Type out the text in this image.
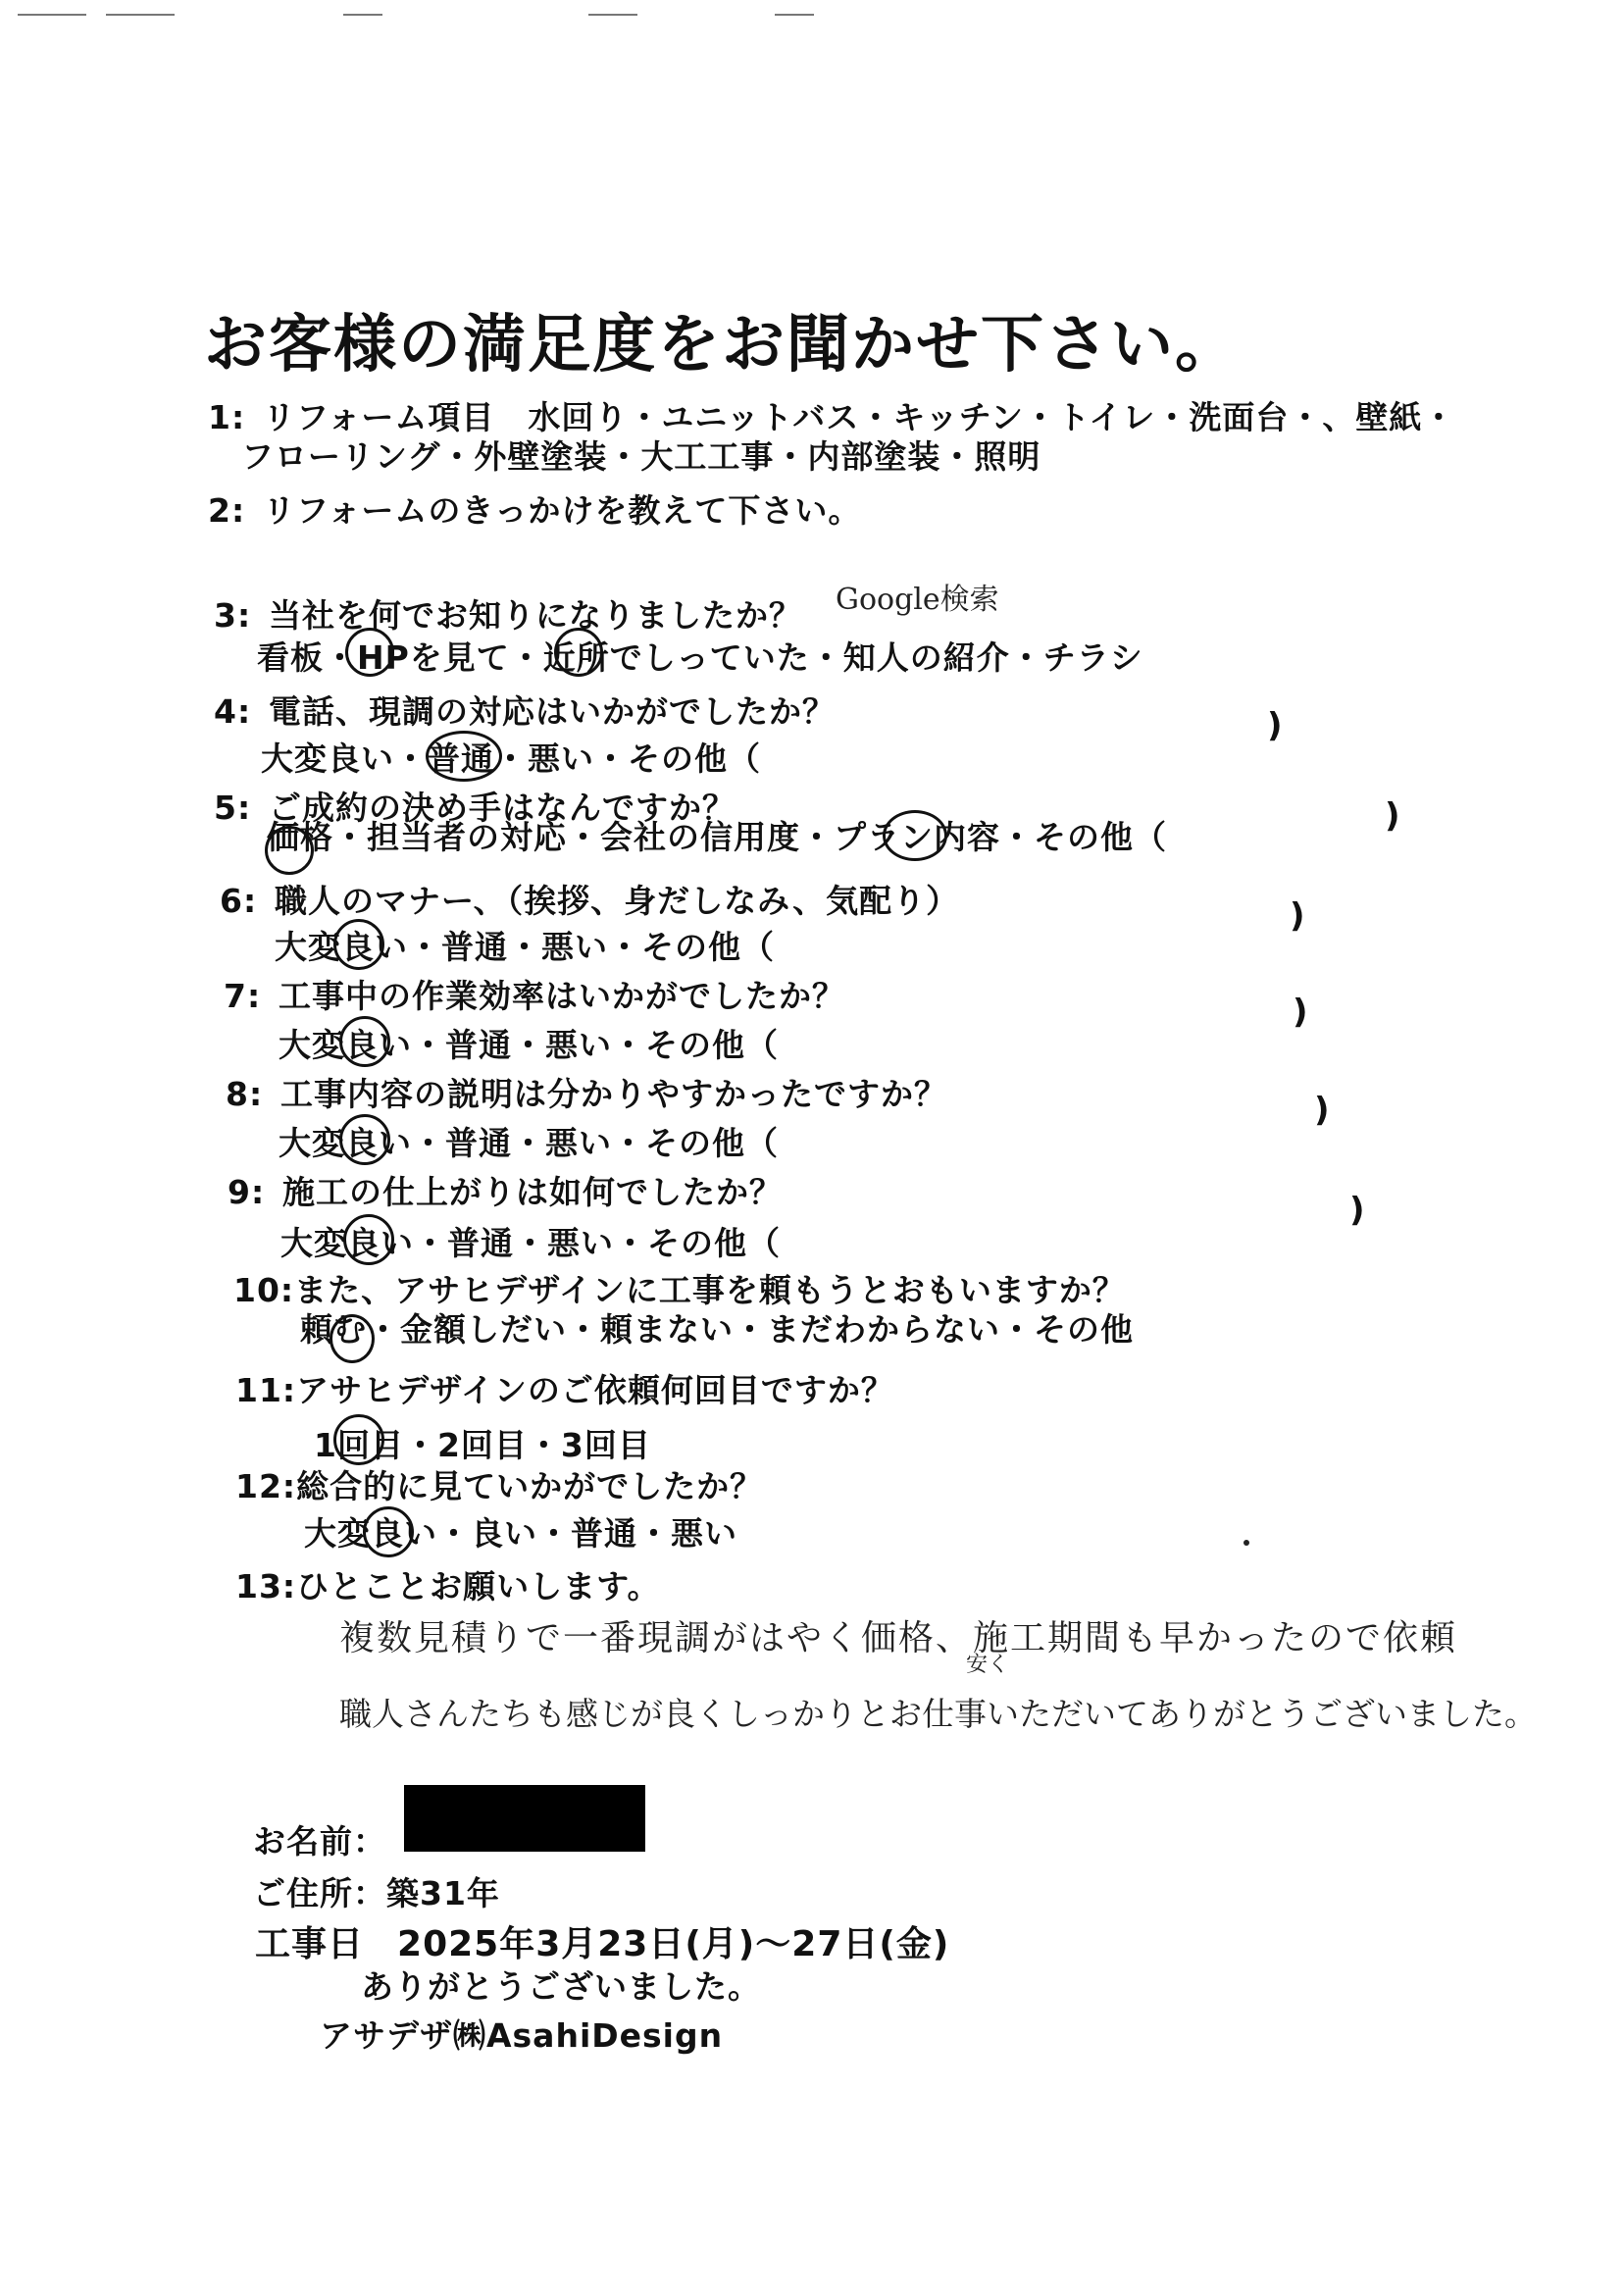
お客様の満足度をお聞かせ下さい。
1: リフォーム項目　水回り・ユニットバス・キッチン・トイレ・洗面台・、壁紙・
フローリング・外壁塗装・大工工事・内部塗装・照明
2: リフォームのきっかけを教えて下さい。
3: 当社を何でお知りになりましたか？ Google検索
看板・HPを見て・近所でしっていた・知人の紹介・チラシ
4: 電話、現調の対応はいかがでしたか？
大変良い・普通・悪い・その他（
)
5: ご成約の決め手はなんですか？
価格・担当者の対応・会社の信用度・プラン内容・その他（
)
6: 職人のマナー、（挨拶、身だしなみ、気配り）
大変良い・普通・悪い・その他（
)
7: 工事中の作業効率はいかがでしたか？
大変良い・普通・悪い・その他（
)
8: 工事内容の説明は分かりやすかったですか？
大変良い・普通・悪い・その他（
)
9: 施工の仕上がりは如何でしたか？
大変良い・普通・悪い・その他（
)
10:また、アサヒデザインに工事を頼もうとおもいますか？
頼む・金額しだい・頼まない・まだわからない・その他
11:アサヒデザインのご依頼何回目ですか？
1回目・2回目・3回目
12:総合的に見ていかがでしたか？
大変良い・良い・普通・悪い
13:ひとことお願いします。
複数見積りで一番現調がはやく価格、施工期間も早かったので依頼
安く
職人さんたちも感じが良くしっかりとお仕事いただいてありがとうございました。
お名前：
ご住所：築31年
工事日 2025年3月23日(月)〜27日(金)
ありがとうございました。
アサデザ㈱AsahiDesign
